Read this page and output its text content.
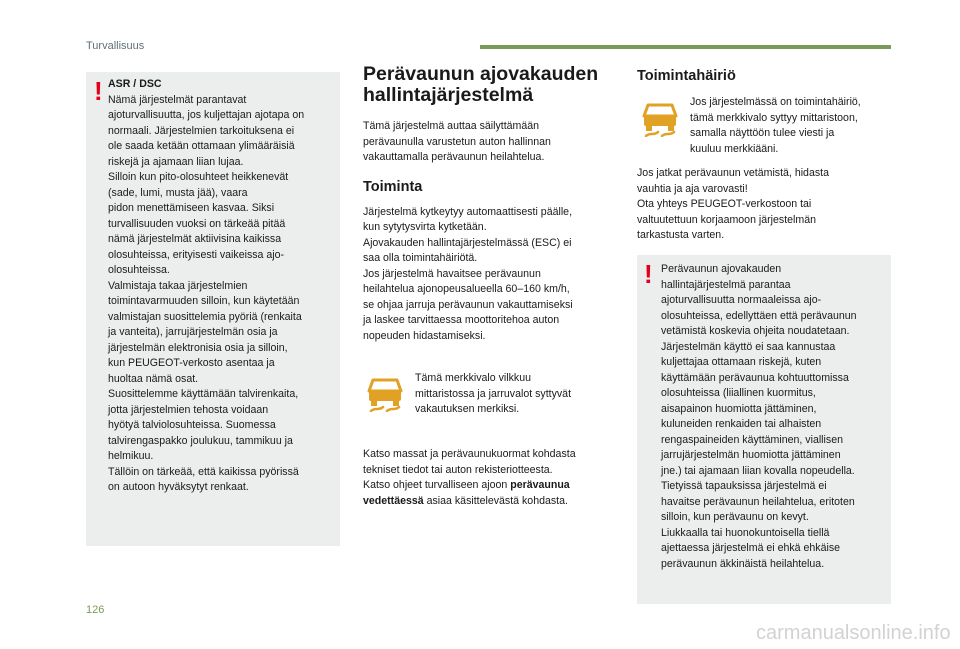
Turvallisuus
! ASR / DSC
Nämä järjestelmät parantavat
ajoturvallisuutta, jos kuljettajan ajotapa on
normaali. Järjestelmien tarkoituksena ei
ole saada ketään ottamaan ylimääräisiä
riskejä ja ajamaan liian lujaa.
Silloin kun pito-olosuhteet heikkenevät
(sade, lumi, musta jää), vaara
pidon menettämiseen kasvaa. Siksi
turvallisuuden vuoksi on tärkeää pitää
nämä järjestelmät aktiivisina kaikissa
olosuhteissa, erityisesti vaikeissa ajo-
olosuhteissa.
Valmistaja takaa järjestelmien
toimintavarmuuden silloin, kun käytetään
valmistajan suosittelemia pyöriä (renkaita
ja vanteita), jarrujärjestelmän osia ja
järjestelmän elektronisia osia ja silloin,
kun PEUGEOT-verkosto asentaa ja
huoltaa nämä osat.
Suosittelemme käyttämään talvirenkaita,
jotta järjestelmien tehosta voidaan
hyötyä talviolosuhteissa. Suomessa
talvirengaspakko joulukuu, tammikuu ja
helmikuu.
Tällöin on tärkeää, että kaikissa pyörissä
on autoon hyväksytyt renkaat.
Perävaunun ajovakauden
hallintajärjestelmä
Tämä järjestelmä auttaa säilyttämään
perävaunulla varustetun auton hallinnan
vakauttamalla perävaunun heilahtelua.
Toiminta
Järjestelmä kytkeytyy automaattisesti päälle,
kun sytytysvirta kytketään.
Ajovakauden hallintajärjestelmässä (ESC) ei
saa olla toimintahäiriötä.
Jos järjestelmä havaitsee perävaunun
heilahtelua ajonopeusalueella 60–160 km/h,
se ohjaa jarruja perävaunun vakauttamiseksi
ja laskee tarvittaessa moottoritehoa auton
nopeuden hidastamiseksi.
Tämä merkkivalo vilkkuu
mittaristossa ja jarruvalot syttyvät
vakautuksen merkiksi.
Katso massat ja perävaunukuormat kohdasta
tekniset tiedot tai auton rekisteriotteesta.
Katso ohjeet turvalliseen ajoon perävaunua
vedettäessä asiaa käsittelevästä kohdasta.
Toimintahäiriö
Jos järjestelmässä on toimintahäiriö,
tämä merkkivalo syttyy mittaristoon,
samalla näyttöön tulee viesti ja
kuuluu merkkiääni.
Jos jatkat perävaunun vetämistä, hidasta
vauhtia ja aja varovasti!
Ota yhteys PEUGEOT-verkostoon tai
valtuutettuun korjaamoon järjestelmän
tarkastusta varten.
! Perävaunun ajovakauden
hallintajärjestelmä parantaa
ajoturvallisuutta normaaleissa ajo-
olosuhteissa, edellyttäen että perävaunun
vetämistä koskevia ohjeita noudatetaan.
Järjestelmän käyttö ei saa kannustaa
kuljettajaa ottamaan riskejä, kuten
käyttämään perävaunua kohtuuttomissa
olosuhteissa (liiallinen kuormitus,
aisapainon huomiotta jättäminen,
kuluneiden renkaiden tai alhaisten
rengaspaineiden käyttäminen, viallisen
jarrujärjestelmän huomiotta jättäminen
jne.) tai ajamaan liian kovalla nopeudella.
Tietyissä tapauksissa järjestelmä ei
havaitse perävaunun heilahtelua, eritoten
silloin, kun perävaunu on kevyt.
Liukkaalla tai huonokuntoisella tiellä
ajettaessa järjestelmä ei ehkä ehkäise
perävaunun äkkinäistä heilahtelua.
126
carmanualsonline.info
